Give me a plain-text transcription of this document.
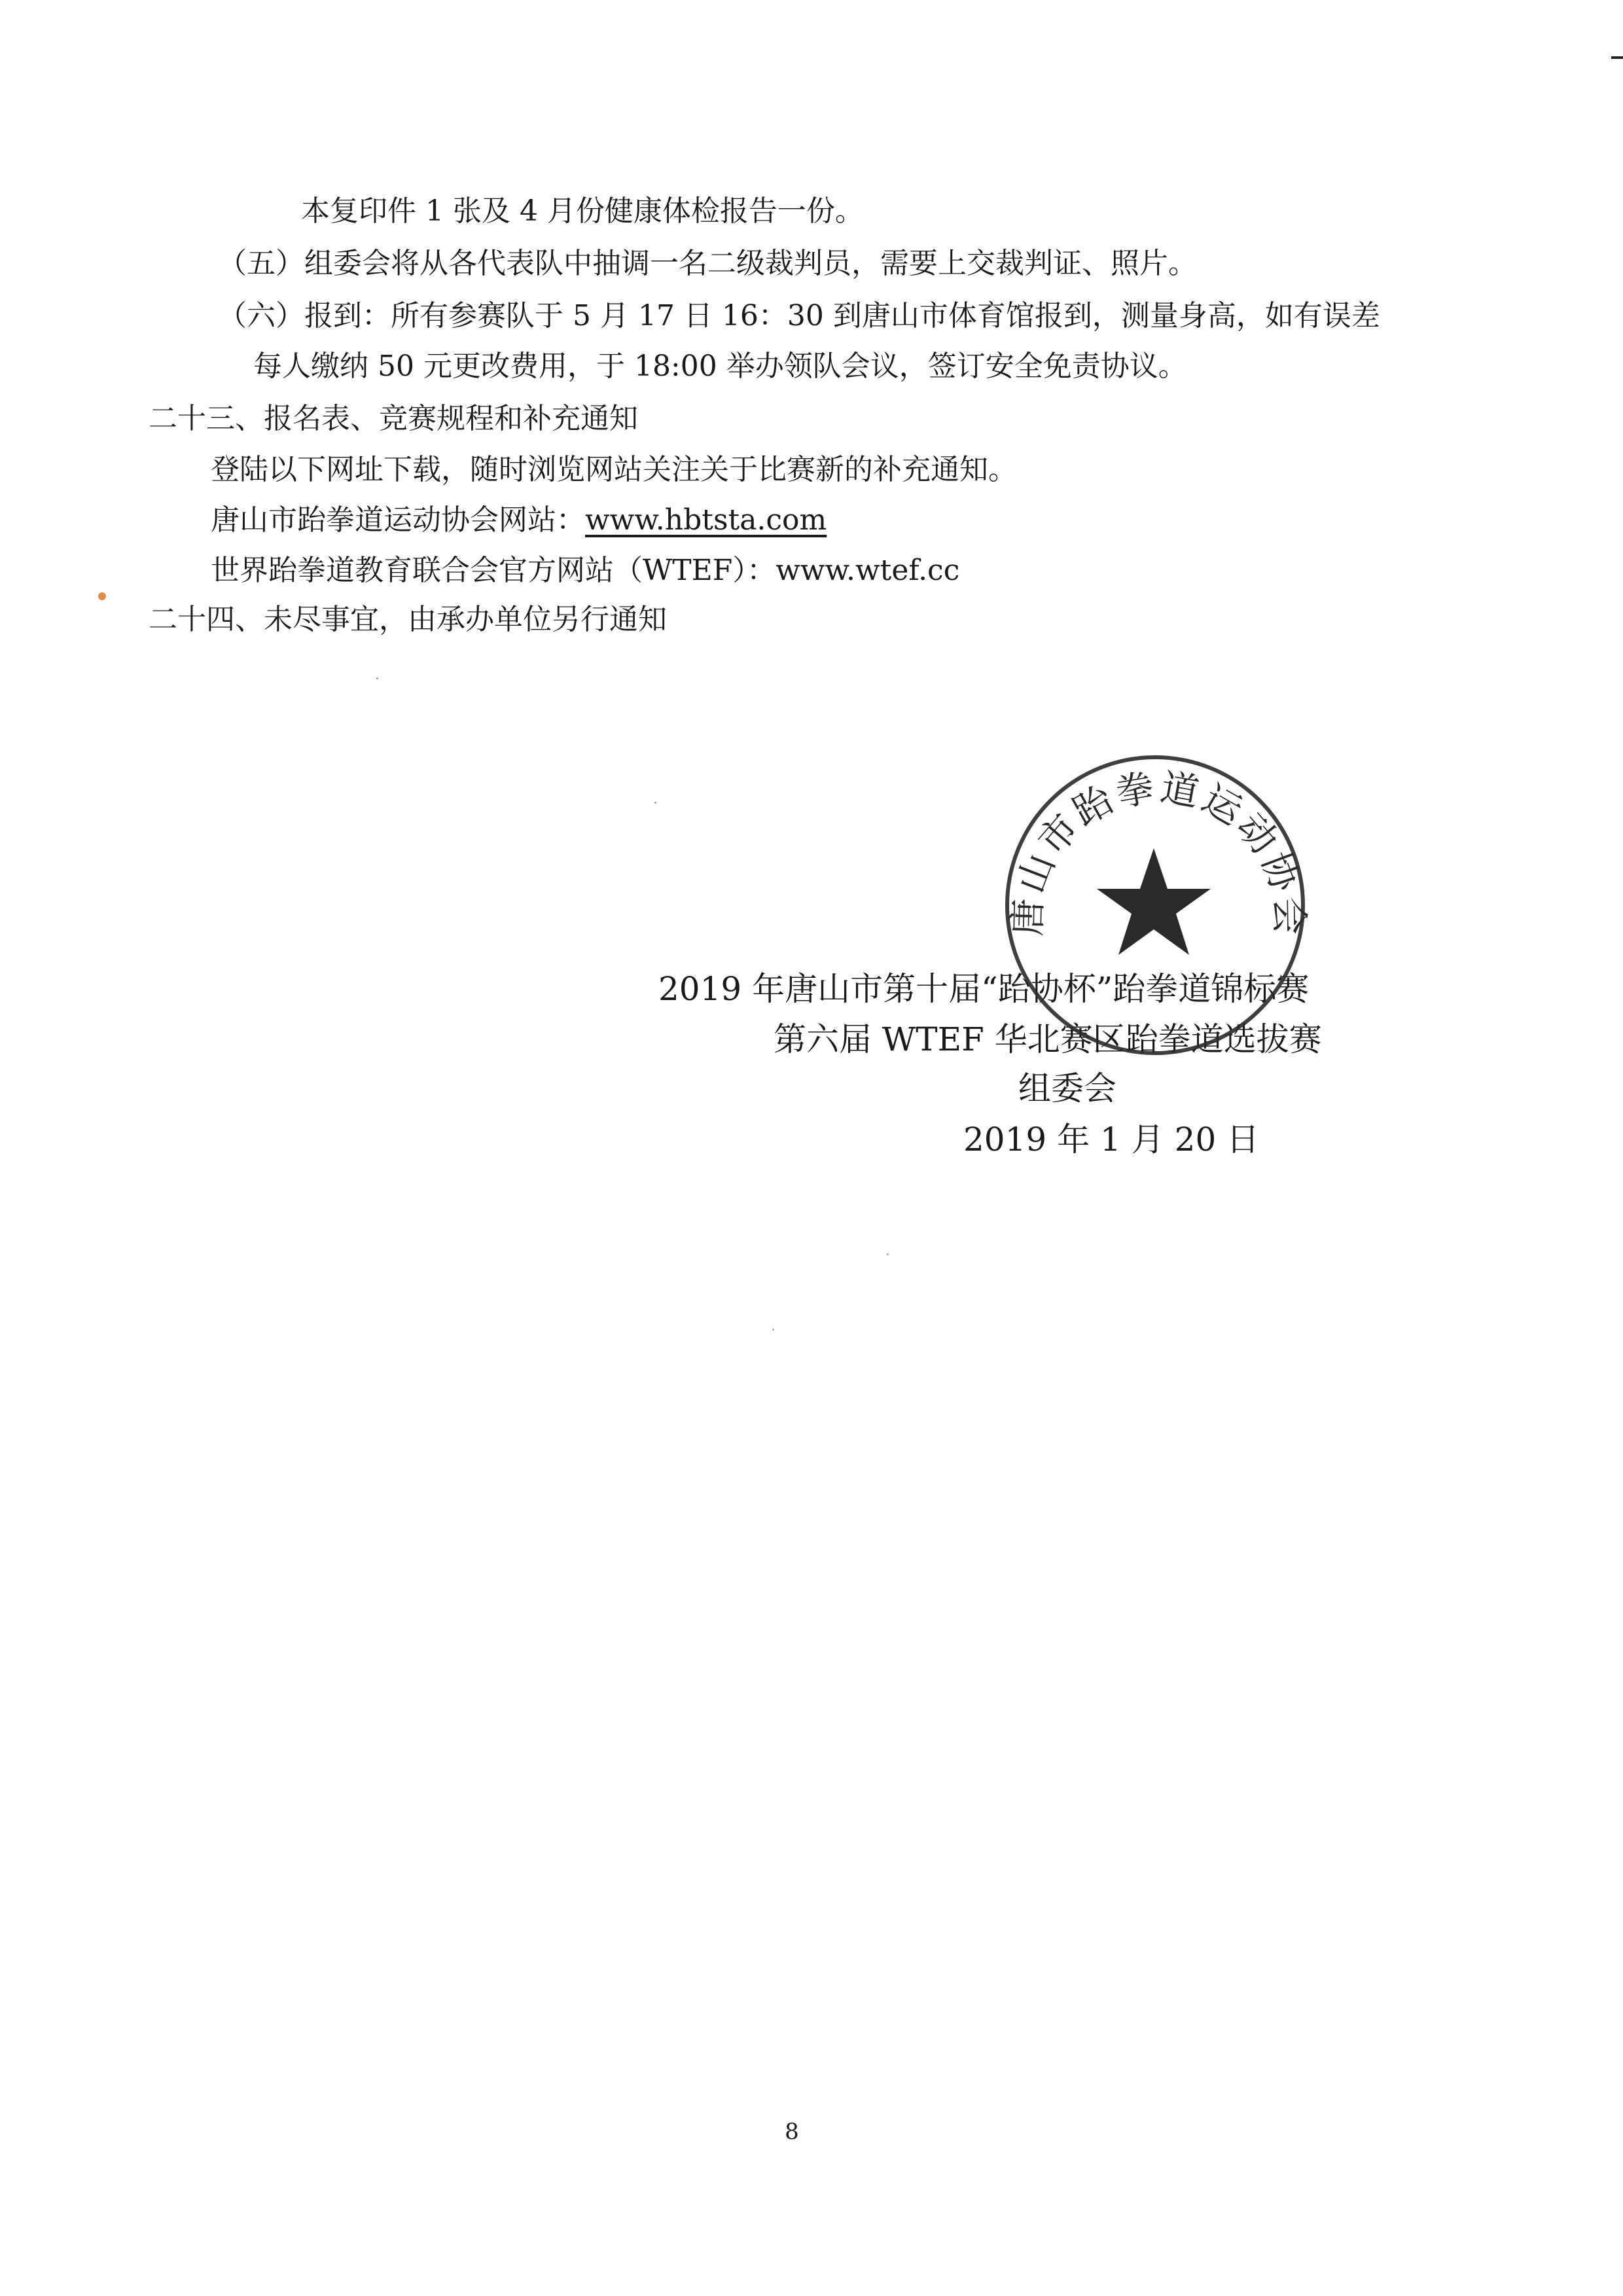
本复印件 1 张及 4 月份健康体检报告一份。
（五）组委会将从各代表队中抽调一名二级裁判员，需要上交裁判证、照片。
（六）报到：所有参赛队于 5 月 17 日 16：30 到唐山市体育馆报到，测量身高，如有误差
每人缴纳 50 元更改费用，于 18:00 举办领队会议，签订安全免责协议。
二十三、报名表、竞赛规程和补充通知
登陆以下网址下载，随时浏览网站关注关于比赛新的补充通知。
唐山市跆拳道运动协会网站：www.hbtsta.com
世界跆拳道教育联合会官方网站（WTEF）：www.wtef.cc
二十四、未尽事宜，由承办单位另行通知
2019 年唐山市第十届“跆协杯”跆拳道锦标赛
第六届 WTEF 华北赛区跆拳道选拔赛
组委会
2019 年 1 月 20 日
唐山市跆拳道运动协会
8
